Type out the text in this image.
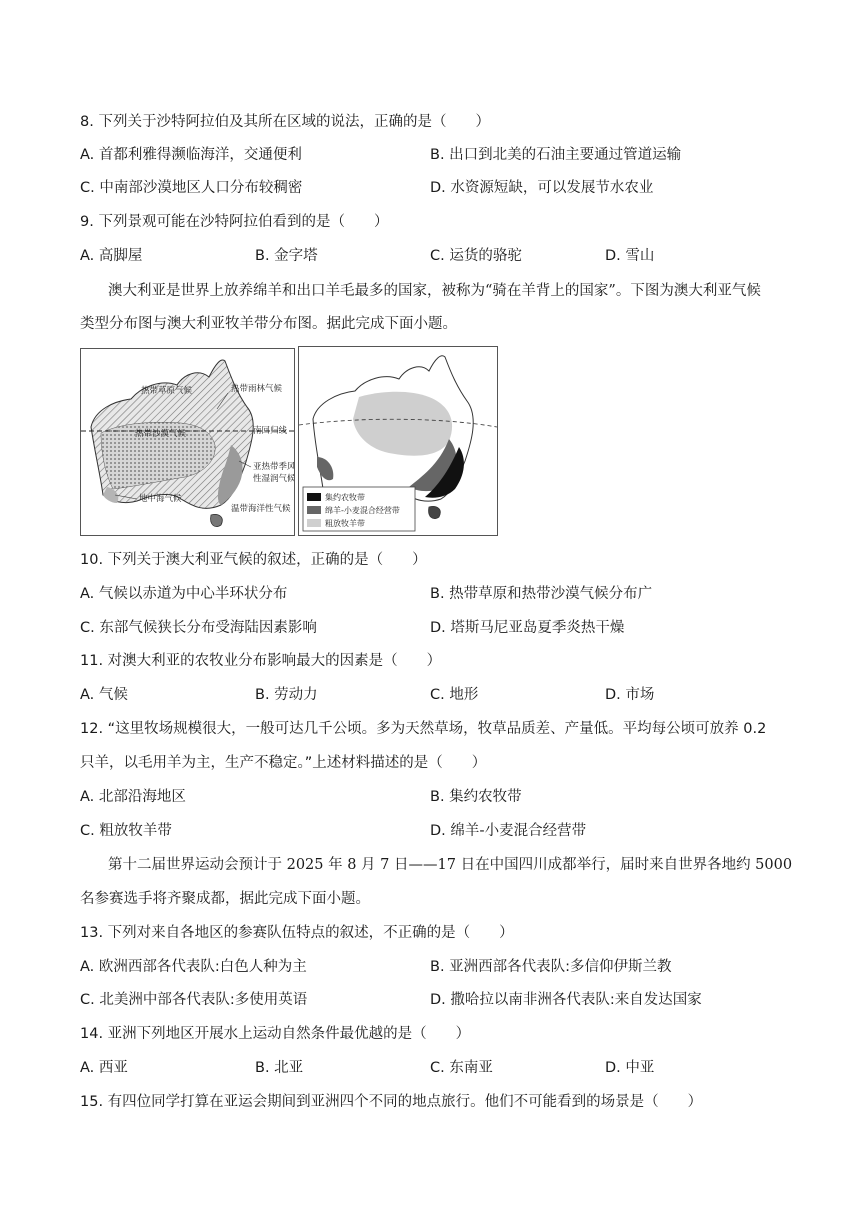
8. 下列关于沙特阿拉伯及其所在区域的说法，正确的是（　　）
A. 首都利雅得濒临海洋，交通便利	B. 出口到北美的石油主要通过管道运输
C. 中南部沙漠地区人口分布较稠密	D. 水资源短缺，可以发展节水农业
9. 下列景观可能在沙特阿拉伯看到的是（　　）
A. 高脚屋	B. 金字塔	C. 运货的骆驼	D. 雪山
澳大利亚是世界上放养绵羊和出口羊毛最多的国家，被称为“骑在羊背上的国家”。下图为澳大利亚气候
类型分布图与澳大利亚牧羊带分布图。据此完成下面小题。
热带草原气候	热带雨林气候
热带沙漠气候	南回归线
亚热带季风
性湿润气候
地中海气候
温带海洋性气候
集约农牧带
绵羊-小麦混合经营带
粗放牧羊带
10. 下列关于澳大利亚气候的叙述，正确的是（　　）
A. 气候以赤道为中心半环状分布	B. 热带草原和热带沙漠气候分布广
C. 东部气候狭长分布受海陆因素影响	D. 塔斯马尼亚岛夏季炎热干燥
11. 对澳大利亚的农牧业分布影响最大的因素是（　　）
A. 气候	B. 劳动力	C. 地形	D. 市场
12. “这里牧场规模很大，一般可达几千公顷。多为天然草场，牧草品质差、产量低。平均每公顷可放养 0.2
只羊，以毛用羊为主，生产不稳定。”上述材料描述的是（　　）
A. 北部沿海地区	B. 集约农牧带
C. 粗放牧羊带	D. 绵羊-小麦混合经营带
第十二届世界运动会预计于 2025 年 8 月 7 日——17 日在中国四川成都举行，届时来自世界各地约 5000
名参赛选手将齐聚成都，据此完成下面小题。
13. 下列对来自各地区的参赛队伍特点的叙述，不正确的是（　　）
A. 欧洲西部各代表队:白色人种为主	B. 亚洲西部各代表队:多信仰伊斯兰教
C. 北美洲中部各代表队:多使用英语	D. 撒哈拉以南非洲各代表队:来自发达国家
14. 亚洲下列地区开展水上运动自然条件最优越的是（　　）
A. 西亚	B. 北亚	C. 东南亚	D. 中亚
15. 有四位同学打算在亚运会期间到亚洲四个不同的地点旅行。他们不可能看到的场景是（　　）
